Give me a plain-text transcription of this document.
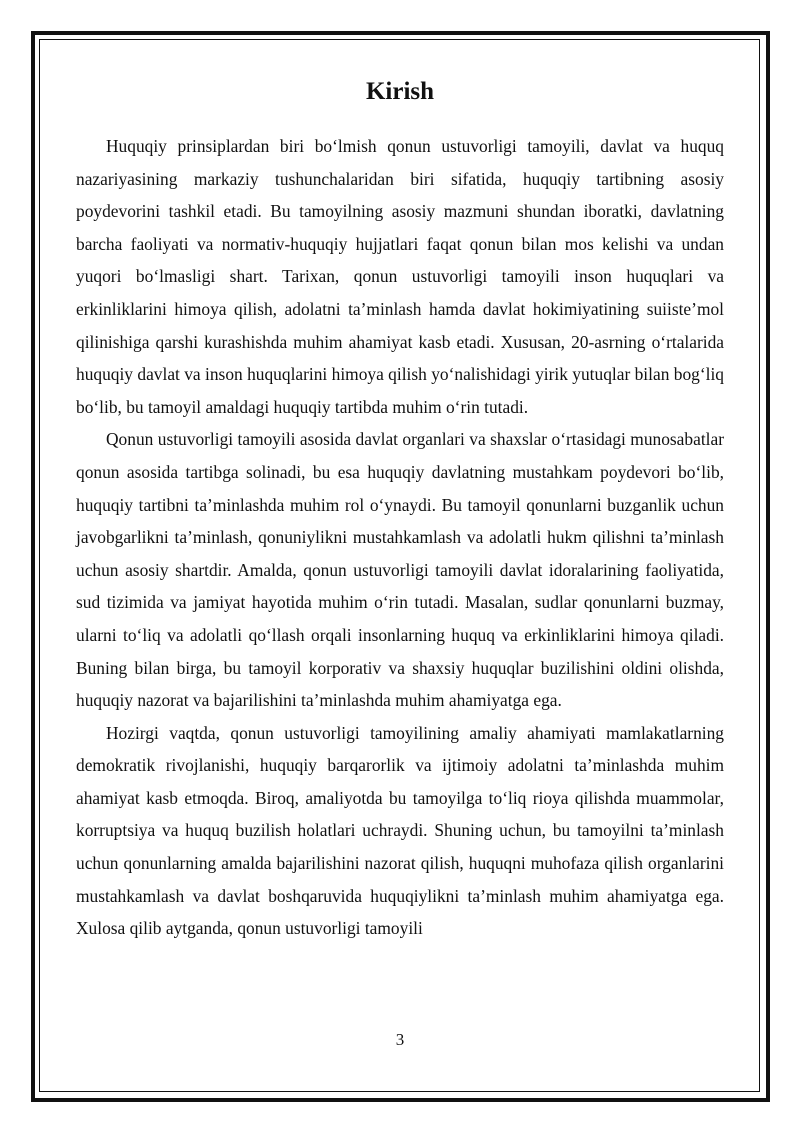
Kirish

Huquqiy prinsiplardan biri bo‘lmish qonun ustuvorligi tamoyili, davlat va huquq nazariyasining markaziy tushunchalaridan biri sifatida, huquqiy tartibning asosiy poydevorini tashkil etadi. Bu tamoyilning asosiy mazmuni shundan iboratki, davlatning barcha faoliyati va normativ-huquqiy hujjatlari faqat qonun bilan mos kelishi va undan yuqori bo‘lmasligi shart. Tarixan, qonun ustuvorligi tamoyili inson huquqlari va erkinliklarini himoya qilish, adolatni ta’minlash hamda davlat hokimiyatining suiiste’mol qilinishiga qarshi kurashishda muhim ahamiyat kasb etadi. Xususan, 20-asrning o‘rtalarida huquqiy davlat va inson huquqlarini himoya qilish yo‘nalishidagi yirik yutuqlar bilan bog‘liq bo‘lib, bu tamoyil amaldagi huquqiy tartibda muhim o‘rin tutadi.

Qonun ustuvorligi tamoyili asosida davlat organlari va shaxslar o‘rtasidagi munosabatlar qonun asosida tartibga solinadi, bu esa huquqiy davlatning mustahkam poydevori bo‘lib, huquqiy tartibni ta’minlashda muhim rol o‘ynaydi. Bu tamoyil qonunlarni buzganlik uchun javobgarlikni ta’minlash, qonuniylikni mustahkamlash va adolatli hukm qilishni ta’minlash uchun asosiy shartdir. Amalda, qonun ustuvorligi tamoyili davlat idoralarining faoliyatida, sud tizimida va jamiyat hayotida muhim o‘rin tutadi. Masalan, sudlar qonunlarni buzmay, ularni to‘liq va adolatli qo‘llash orqali insonlarning huquq va erkinliklarini himoya qiladi. Buning bilan birga, bu tamoyil korporativ va shaxsiy huquqlar buzilishini oldini olishda, huquqiy nazorat va bajarilishini ta’minlashda muhim ahamiyatga ega.

Hozirgi vaqtda, qonun ustuvorligi tamoyilining amaliy ahamiyati mamlakatlarning demokratik rivojlanishi, huquqiy barqarorlik va ijtimoiy adolatni ta’minlashda muhim ahamiyat kasb etmoqda. Biroq, amaliyotda bu tamoyilga to‘liq rioya qilishda muammolar, korruptsiya va huquq buzilish holatlari uchraydi. Shuning uchun, bu tamoyilni ta’minlash uchun qonunlarning amalda bajarilishini nazorat qilish, huquqni muhofaza qilish organlarini mustahkamlash va davlat boshqaruvida huquqiylikni ta’minlash muhim ahamiyatga ega. Xulosa qilib aytganda, qonun ustuvorligi tamoyili

3
